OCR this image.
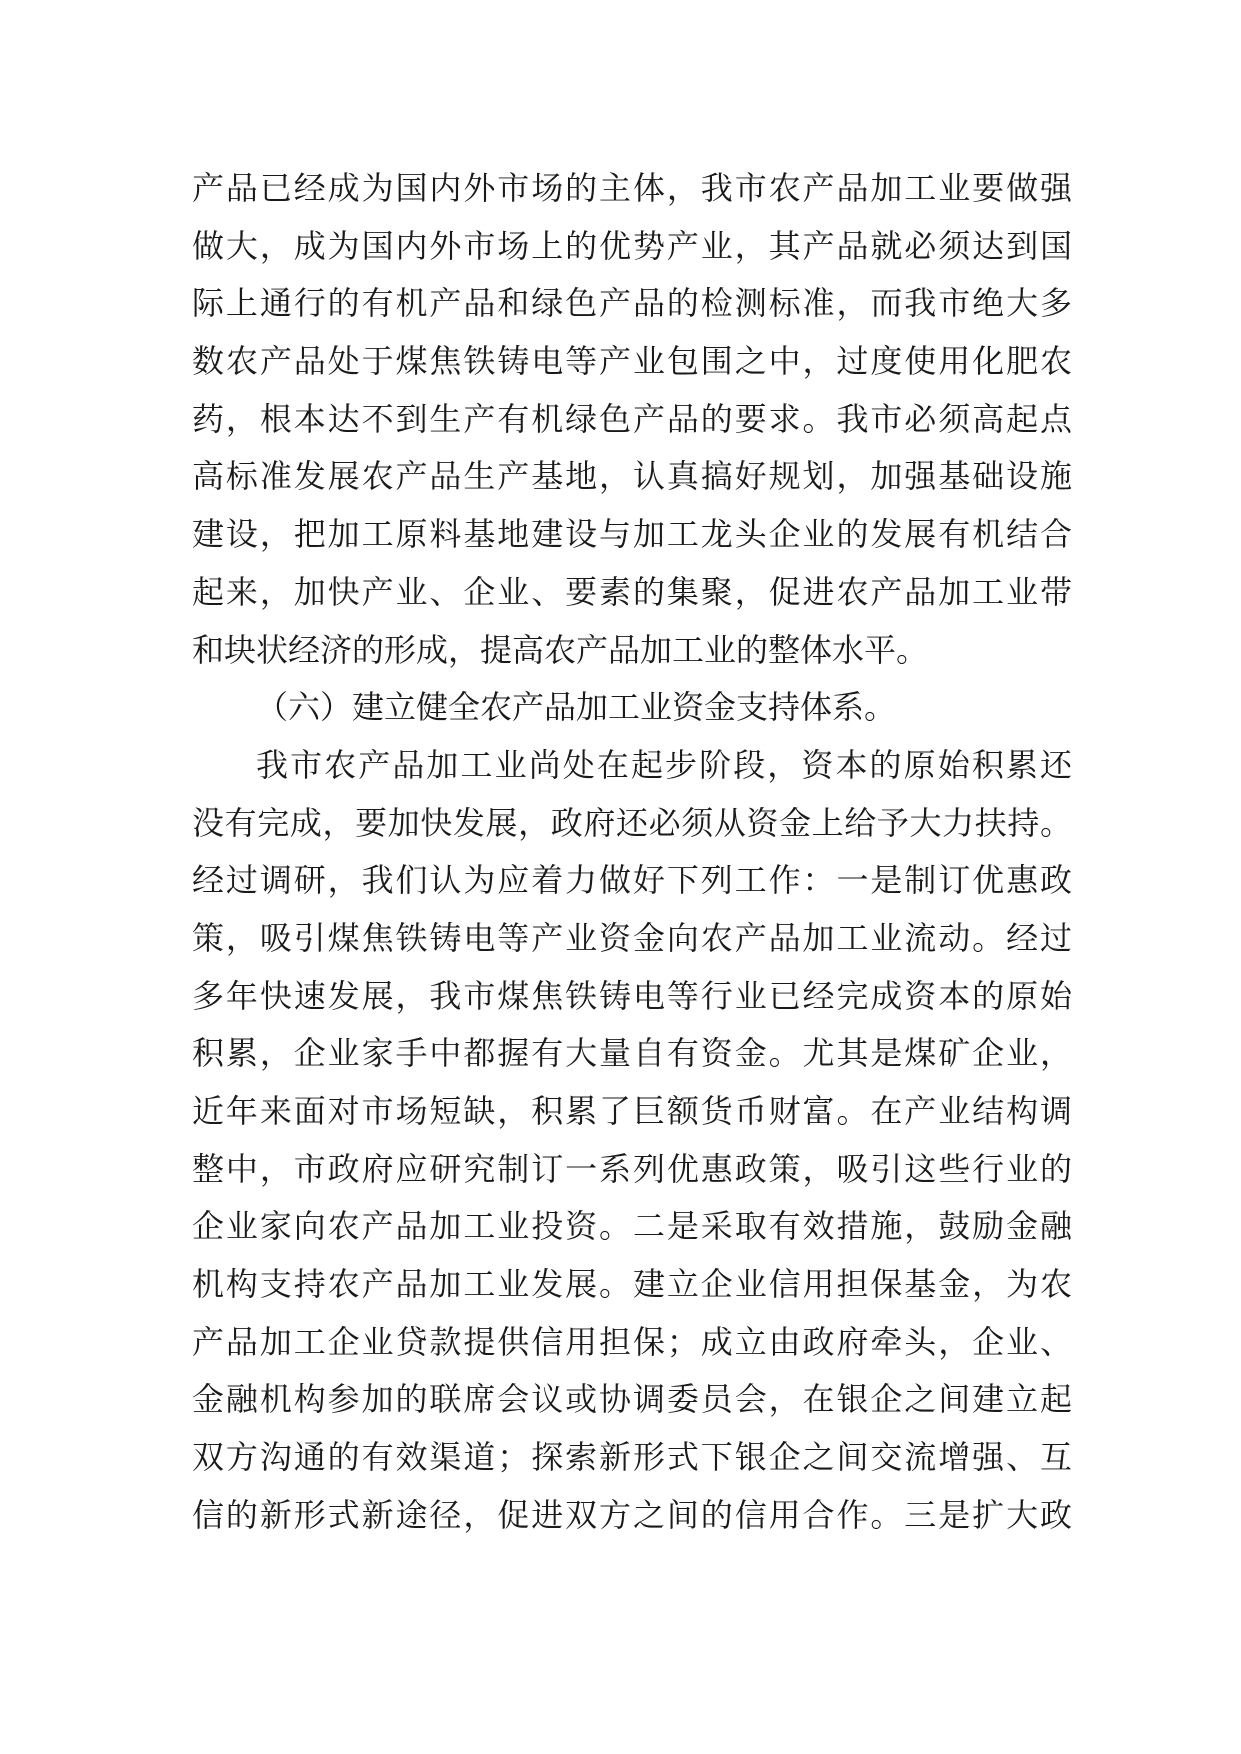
产品已经成为国内外市场的主体，我市农产品加工业要做强
做大，成为国内外市场上的优势产业，其产品就必须达到国
际上通行的有机产品和绿色产品的检测标准，而我市绝大多
数农产品处于煤焦铁铸电等产业包围之中，过度使用化肥农
药，根本达不到生产有机绿色产品的要求。我市必须高起点
高标准发展农产品生产基地，认真搞好规划，加强基础设施
建设，把加工原料基地建设与加工龙头企业的发展有机结合
起来，加快产业、企业、要素的集聚，促进农产品加工业带
和块状经济的形成，提高农产品加工业的整体水平。
（六）建立健全农产品加工业资金支持体系。
我市农产品加工业尚处在起步阶段，资本的原始积累还
没有完成，要加快发展，政府还必须从资金上给予大力扶持。
经过调研，我们认为应着力做好下列工作：一是制订优惠政
策，吸引煤焦铁铸电等产业资金向农产品加工业流动。经过
多年快速发展，我市煤焦铁铸电等行业已经完成资本的原始
积累，企业家手中都握有大量自有资金。尤其是煤矿企业，
近年来面对市场短缺，积累了巨额货币财富。在产业结构调
整中，市政府应研究制订一系列优惠政策，吸引这些行业的
企业家向农产品加工业投资。二是采取有效措施，鼓励金融
机构支持农产品加工业发展。建立企业信用担保基金，为农
产品加工企业贷款提供信用担保；成立由政府牵头，企业、
金融机构参加的联席会议或协调委员会，在银企之间建立起
双方沟通的有效渠道；探索新形式下银企之间交流增强、互
信的新形式新途径，促进双方之间的信用合作。三是扩大政
